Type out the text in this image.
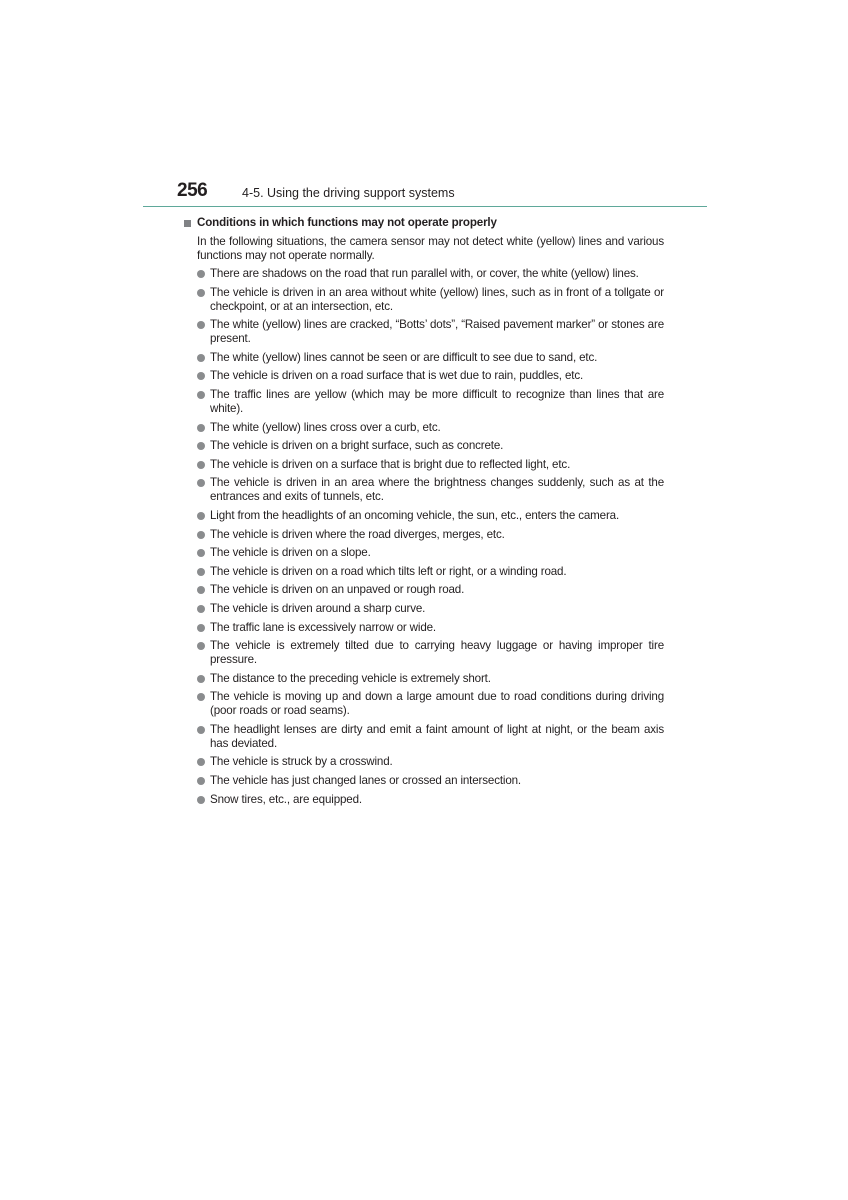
256	4-5. Using the driving support systems
Conditions in which functions may not operate properly
In the following situations, the camera sensor may not detect white (yellow) lines and various functions may not operate normally.
There are shadows on the road that run parallel with, or cover, the white (yellow) lines.
The vehicle is driven in an area without white (yellow) lines, such as in front of a tollgate or checkpoint, or at an intersection, etc.
The white (yellow) lines are cracked, “Botts’ dots”, “Raised pavement marker” or stones are present.
The white (yellow) lines cannot be seen or are difficult to see due to sand, etc.
The vehicle is driven on a road surface that is wet due to rain, puddles, etc.
The traffic lines are yellow (which may be more difficult to recognize than lines that are white).
The white (yellow) lines cross over a curb, etc.
The vehicle is driven on a bright surface, such as concrete.
The vehicle is driven on a surface that is bright due to reflected light, etc.
The vehicle is driven in an area where the brightness changes suddenly, such as at the entrances and exits of tunnels, etc.
Light from the headlights of an oncoming vehicle, the sun, etc., enters the camera.
The vehicle is driven where the road diverges, merges, etc.
The vehicle is driven on a slope.
The vehicle is driven on a road which tilts left or right, or a winding road.
The vehicle is driven on an unpaved or rough road.
The vehicle is driven around a sharp curve.
The traffic lane is excessively narrow or wide.
The vehicle is extremely tilted due to carrying heavy luggage or having improper tire pressure.
The distance to the preceding vehicle is extremely short.
The vehicle is moving up and down a large amount due to road conditions during driving (poor roads or road seams).
The headlight lenses are dirty and emit a faint amount of light at night, or the beam axis has deviated.
The vehicle is struck by a crosswind.
The vehicle has just changed lanes or crossed an intersection.
Snow tires, etc., are equipped.
